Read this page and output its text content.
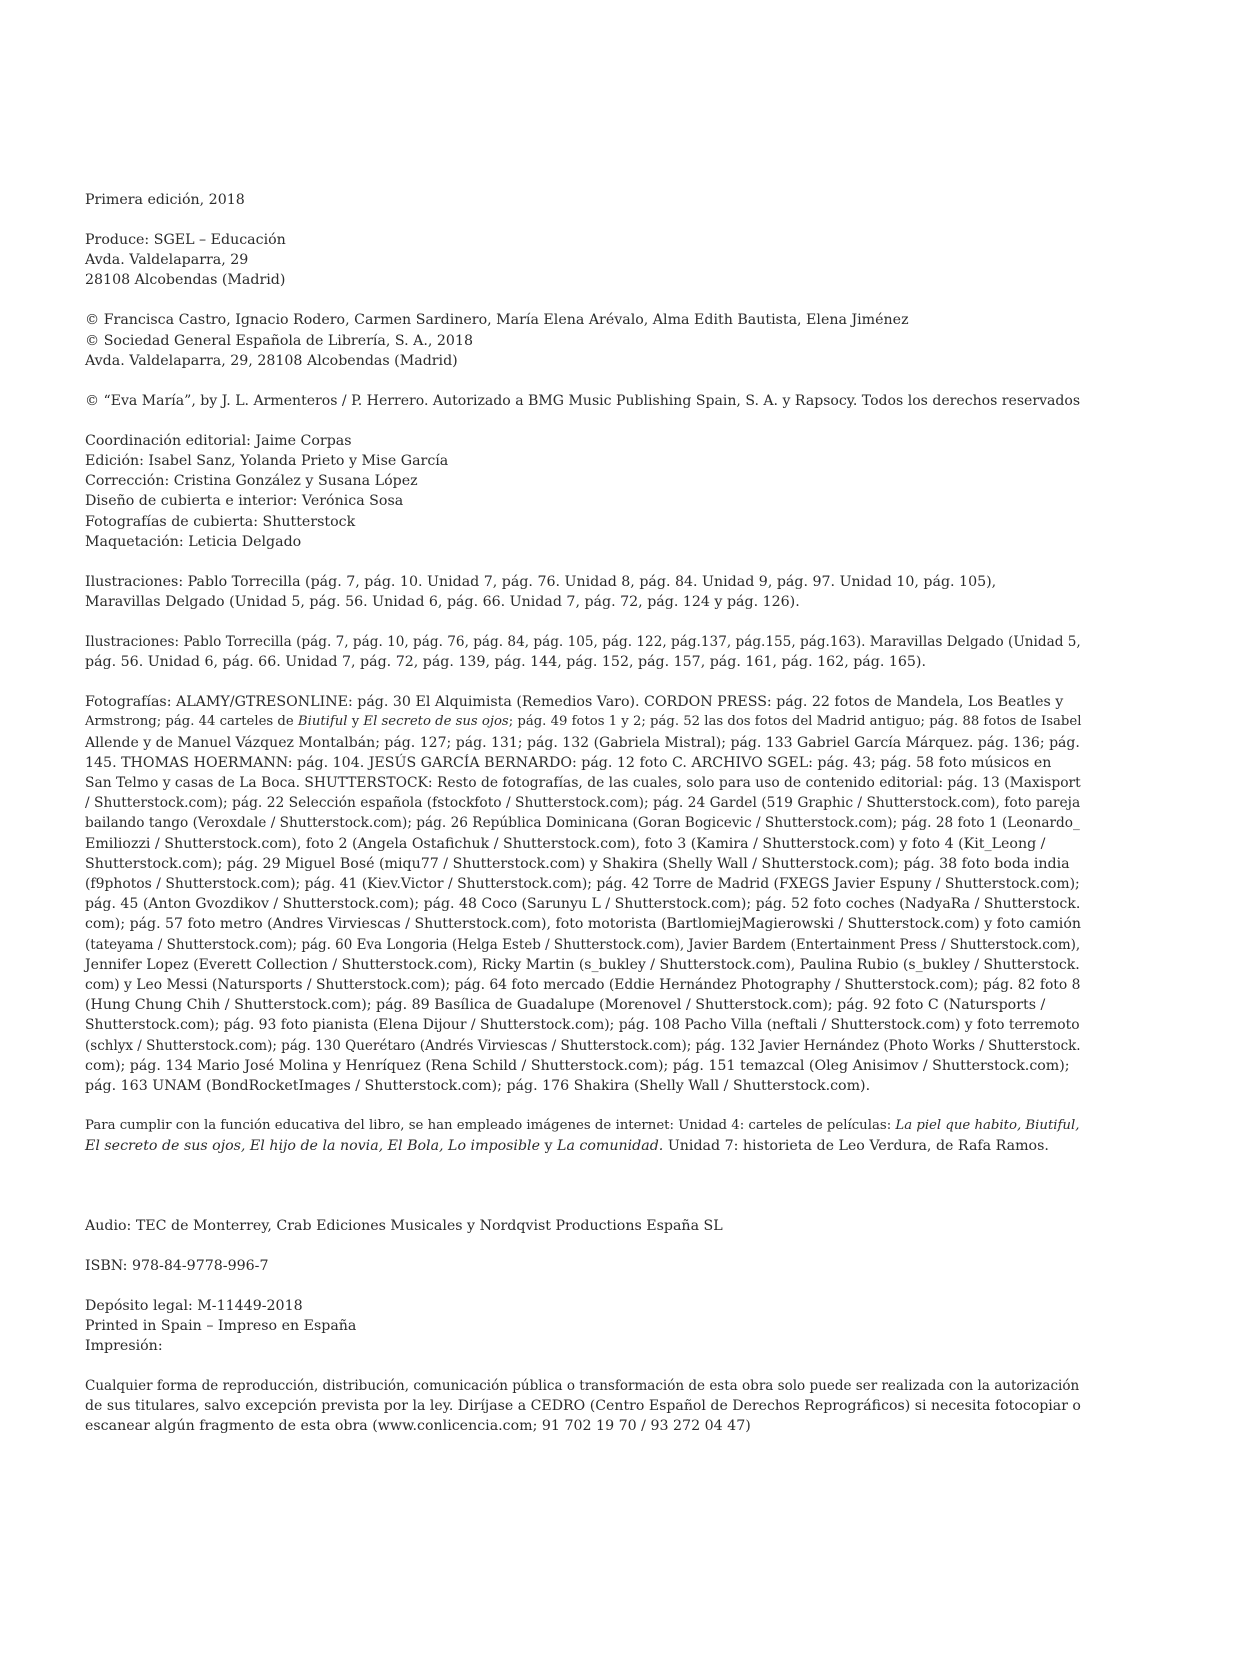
Primera edición, 2018

Produce: SGEL – Educación
Avda. Valdelaparra, 29
28108 Alcobendas (Madrid)

© Francisca Castro, Ignacio Rodero, Carmen Sardinero, María Elena Arévalo, Alma Edith Bautista, Elena Jiménez
© Sociedad General Española de Librería, S. A., 2018
Avda. Valdelaparra, 29, 28108 Alcobendas (Madrid)

© “Eva María”, by J. L. Armenteros / P. Herrero. Autorizado a BMG Music Publishing Spain, S. A. y Rapsocy. Todos los derechos reservados

Coordinación editorial: Jaime Corpas
Edición: Isabel Sanz, Yolanda Prieto y Mise García
Corrección: Cristina González y Susana López
Diseño de cubierta e interior: Verónica Sosa
Fotografías de cubierta: Shutterstock
Maquetación: Leticia Delgado

Ilustraciones: Pablo Torrecilla (pág. 7, pág. 10. Unidad 7, pág. 76. Unidad 8, pág. 84. Unidad 9, pág. 97. Unidad 10, pág. 105),
Maravillas Delgado (Unidad 5, pág. 56. Unidad 6, pág. 66. Unidad 7, pág. 72, pág. 124 y pág. 126).

Ilustraciones: Pablo Torrecilla (pág. 7, pág. 10, pág. 76, pág. 84, pág. 105, pág. 122, pág.137, pág.155, pág.163). Maravillas Delgado (Unidad 5,
pág. 56. Unidad 6, pág. 66. Unidad 7, pág. 72, pág. 139, pág. 144, pág. 152, pág. 157, pág. 161, pág. 162, pág. 165).

Fotografías: ALAMY/GTRESONLINE: pág. 30 El Alquimista (Remedios Varo). CORDON PRESS: pág. 22 fotos de Mandela, Los Beatles y
Armstrong; pág. 44 carteles de Biutiful y El secreto de sus ojos; pág. 49 fotos 1 y 2; pág. 52 las dos fotos del Madrid antiguo; pág. 88 fotos de Isabel
Allende y de Manuel Vázquez Montalbán; pág. 127; pág. 131; pág. 132 (Gabriela Mistral); pág. 133 Gabriel García Márquez. pág. 136; pág.
145. THOMAS HOERMANN: pág. 104. JESÚS GARCÍA BERNARDO: pág. 12 foto C. ARCHIVO SGEL: pág. 43; pág. 58 foto músicos en
San Telmo y casas de La Boca. SHUTTERSTOCK: Resto de fotografías, de las cuales, solo para uso de contenido editorial: pág. 13 (Maxisport
/ Shutterstock.com); pág. 22 Selección española (fstockfoto / Shutterstock.com); pág. 24 Gardel (519 Graphic / Shutterstock.com), foto pareja
bailando tango (Veroxdale / Shutterstock.com); pág. 26 República Dominicana (Goran Bogicevic / Shutterstock.com); pág. 28 foto 1 (Leonardo_
Emiliozzi / Shutterstock.com), foto 2 (Angela Ostafichuk / Shutterstock.com), foto 3 (Kamira / Shutterstock.com) y foto 4 (Kit_Leong /
Shutterstock.com); pág. 29 Miguel Bosé (miqu77 / Shutterstock.com) y Shakira (Shelly Wall / Shutterstock.com); pág. 38 foto boda india
(f9photos / Shutterstock.com); pág. 41 (Kiev.Victor / Shutterstock.com); pág. 42 Torre de Madrid (FXEGS Javier Espuny / Shutterstock.com);
pág. 45 (Anton Gvozdikov / Shutterstock.com); pág. 48 Coco (Sarunyu L / Shutterstock.com); pág. 52 foto coches (NadyaRa / Shutterstock.
com); pág. 57 foto metro (Andres Virviescas / Shutterstock.com), foto motorista (BartlomiejMagierowski / Shutterstock.com) y foto camión
(tateyama / Shutterstock.com); pág. 60 Eva Longoria (Helga Esteb / Shutterstock.com), Javier Bardem (Entertainment Press / Shutterstock.com),
Jennifer Lopez (Everett Collection / Shutterstock.com), Ricky Martin (s_bukley / Shutterstock.com), Paulina Rubio (s_bukley / Shutterstock.
com) y Leo Messi (Natursports / Shutterstock.com); pág. 64 foto mercado (Eddie Hernández Photography / Shutterstock.com); pág. 82 foto 8
(Hung Chung Chih / Shutterstock.com); pág. 89 Basílica de Guadalupe (Morenovel / Shutterstock.com); pág. 92 foto C (Natursports /
Shutterstock.com); pág. 93 foto pianista (Elena Dijour / Shutterstock.com); pág. 108 Pacho Villa (neftali / Shutterstock.com) y foto terremoto
(schlyx / Shutterstock.com); pág. 130 Querétaro (Andrés Virviescas / Shutterstock.com); pág. 132 Javier Hernández (Photo Works / Shutterstock.
com); pág. 134 Mario José Molina y Henríquez (Rena Schild / Shutterstock.com); pág. 151 temazcal (Oleg Anisimov / Shutterstock.com);
pág. 163 UNAM (BondRocketImages / Shutterstock.com); pág. 176 Shakira (Shelly Wall / Shutterstock.com).

Para cumplir con la función educativa del libro, se han empleado imágenes de internet: Unidad 4: carteles de películas: La piel que habito, Biutiful,
El secreto de sus ojos, El hijo de la novia, El Bola, Lo imposible y La comunidad. Unidad 7: historieta de Leo Verdura, de Rafa Ramos.

Audio: TEC de Monterrey, Crab Ediciones Musicales y Nordqvist Productions España SL

ISBN: 978-84-9778-996-7

Depósito legal: M-11449-2018
Printed in Spain – Impreso en España
Impresión:

Cualquier forma de reproducción, distribución, comunicación pública o transformación de esta obra solo puede ser realizada con la autorización
de sus titulares, salvo excepción prevista por la ley. Diríjase a CEDRO (Centro Español de Derechos Reprográficos) si necesita fotocopiar o
escanear algún fragmento de esta obra (www.conlicencia.com; 91 702 19 70 / 93 272 04 47)
